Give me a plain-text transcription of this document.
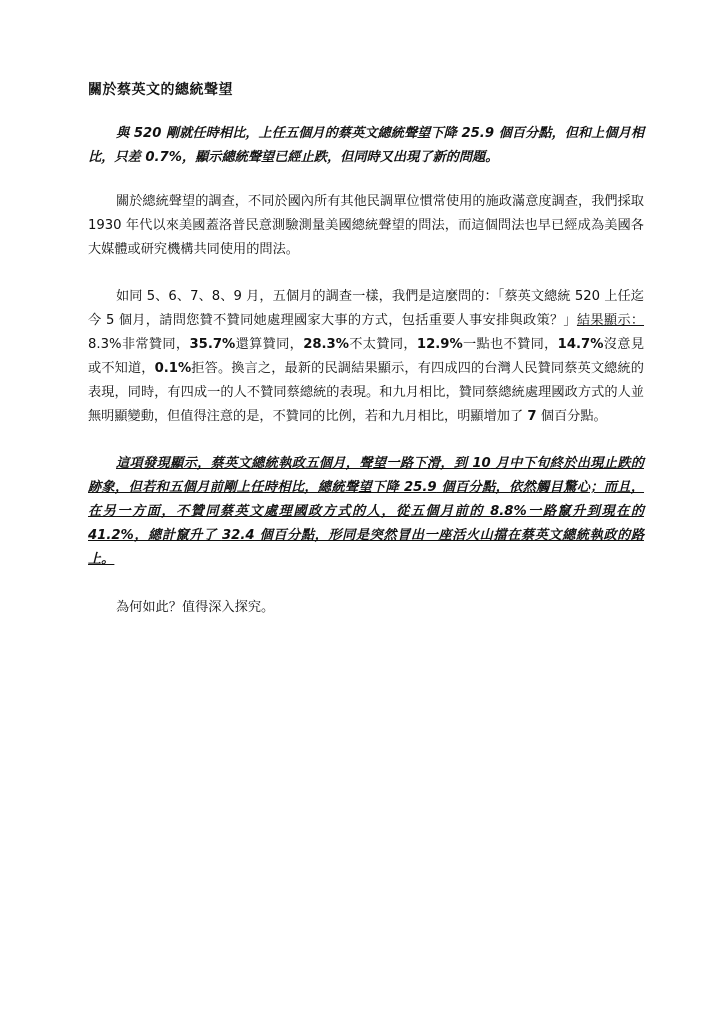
關於蔡英文的總統聲望

與 520 剛就任時相比，上任五個月的蔡英文總統聲望下降 25.9 個百分點，但和上個月相比，只差 0.7%，顯示總統聲望已經止跌，但同時又出現了新的問題。

關於總統聲望的調查，不同於國內所有其他民調單位慣常使用的施政滿意度調查，我們採取 1930 年代以來美國蓋洛普民意測驗測量美國總統聲望的問法，而這個問法也早已經成為美國各大媒體或研究機構共同使用的問法。

如同 5、6、7、8、9 月，五個月的調查一樣，我們是這麼問的：「蔡英文總統 520 上任迄今 5 個月，請問您贊不贊同她處理國家大事的方式，包括重要人事安排與政策？」結果顯示：8.3%非常贊同，35.7%還算贊同，28.3%不太贊同，12.9%一點也不贊同，14.7%沒意見或不知道，0.1%拒答。換言之，最新的民調結果顯示，有四成四的台灣人民贊同蔡英文總統的表現，同時，有四成一的人不贊同蔡總統的表現。和九月相比，贊同蔡總統處理國政方式的人並無明顯變動，但值得注意的是，不贊同的比例，若和九月相比，明顯增加了 7 個百分點。

這項發現顯示，蔡英文總統執政五個月，聲望一路下滑，到 10 月中下旬終於出現止跌的跡象，但若和五個月前剛上任時相比，總統聲望下降 25.9 個百分點，依然觸目驚心；而且，在另一方面，不贊同蔡英文處理國政方式的人，從五個月前的 8.8%一路竄升到現在的 41.2%，總計竄升了 32.4 個百分點，形同是突然冒出一座活火山擋在蔡英文總統執政的路上。

為何如此？值得深入探究。
